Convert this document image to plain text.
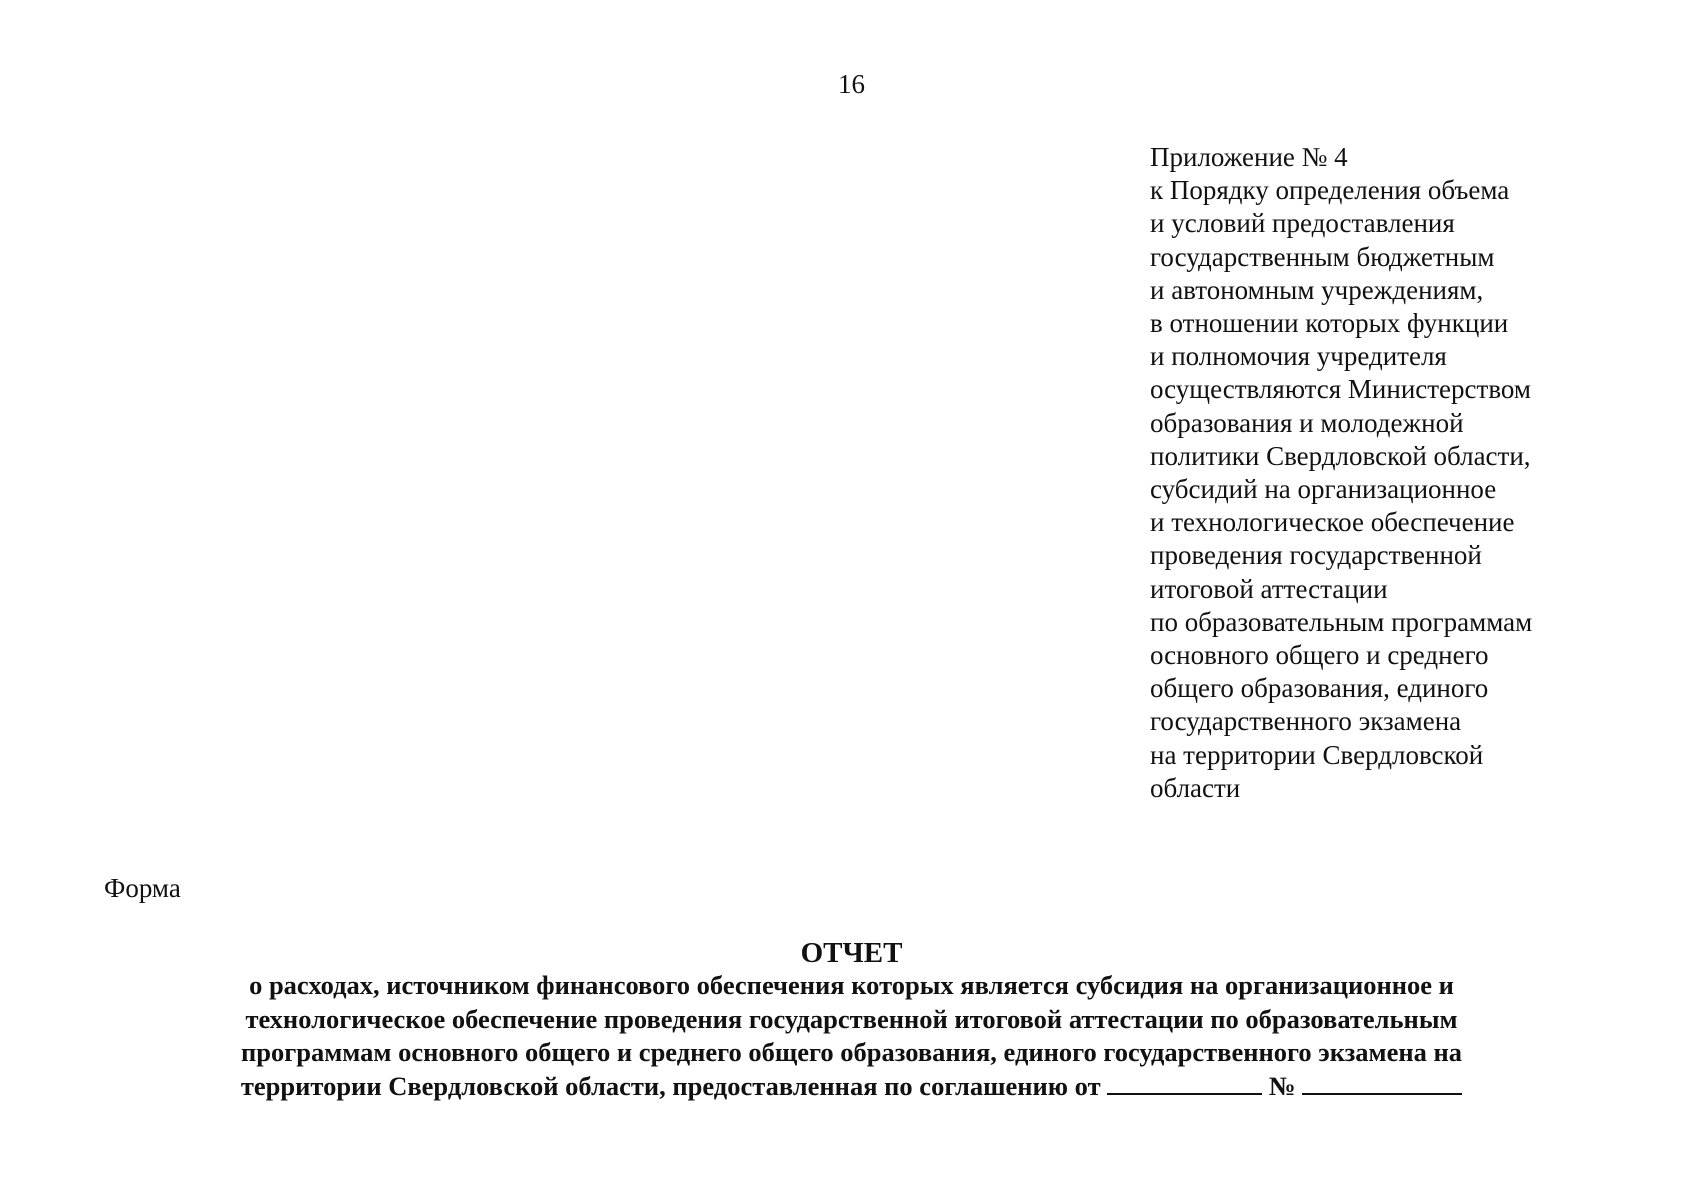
16
Приложение № 4
к Порядку определения объема
и условий предоставления
государственным бюджетным
и автономным учреждениям,
в отношении которых функции
и полномочия учредителя
осуществляются Министерством
образования и молодежной
политики Свердловской области,
субсидий на организационное
и технологическое обеспечение
проведения государственной
итоговой аттестации
по образовательным программам
основного общего и среднего
общего образования, единого
государственного экзамена
на территории Свердловской
области
Форма
ОТЧЕТ
о расходах, источником финансового обеспечения которых является субсидия на организационное и
технологическое обеспечение проведения государственной итоговой аттестации по образовательным
программам основного общего и среднего общего образования, единого государственного экзамена на
территории Свердловской области, предоставленная по соглашению от	№
